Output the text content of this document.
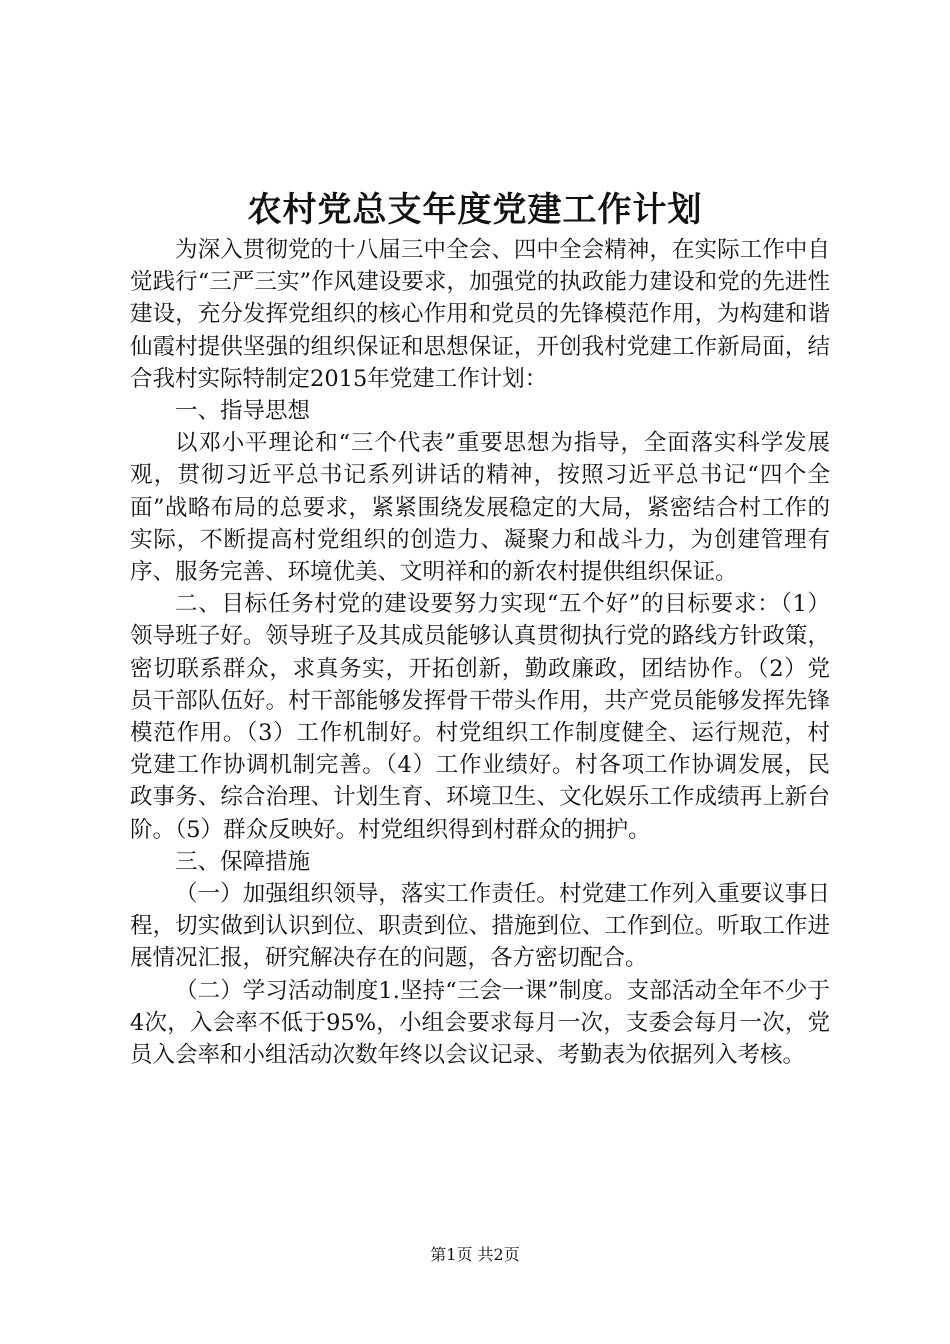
农村党总支年度党建工作计划

为深入贯彻党的十八届三中全会、四中全会精神，在实际工作中自觉践行“三严三实”作风建设要求，加强党的执政能力建设和党的先进性建设，充分发挥党组织的核心作用和党员的先锋模范作用，为构建和谐仙霞村提供坚强的组织保证和思想保证，开创我村党建工作新局面，结合我村实际特制定2015年党建工作计划：

一、指导思想

以邓小平理论和“三个代表”重要思想为指导，全面落实科学发展观，贯彻习近平总书记系列讲话的精神，按照习近平总书记“四个全面”战略布局的总要求，紧紧围绕发展稳定的大局，紧密结合村工作的实际，不断提高村党组织的创造力、凝聚力和战斗力，为创建管理有序、服务完善、环境优美、文明祥和的新农村提供组织保证。

二、目标任务村党的建设要努力实现“五个好”的目标要求：（1）领导班子好。领导班子及其成员能够认真贯彻执行党的路线方针政策，密切联系群众，求真务实，开拓创新，勤政廉政，团结协作。（2）党员干部队伍好。村干部能够发挥骨干带头作用，共产党员能够发挥先锋模范作用。（3）工作机制好。村党组织工作制度健全、运行规范，村党建工作协调机制完善。（4）工作业绩好。村各项工作协调发展，民政事务、综合治理、计划生育、环境卫生、文化娱乐工作成绩再上新台阶。（5）群众反映好。村党组织得到村群众的拥护。

三、保障措施

（一）加强组织领导，落实工作责任。村党建工作列入重要议事日程，切实做到认识到位、职责到位、措施到位、工作到位。听取工作进展情况汇报，研究解决存在的问题，各方密切配合。

（二）学习活动制度1.坚持“三会一课”制度。支部活动全年不少于4次，入会率不低于95%，小组会要求每月一次，支委会每月一次，党员入会率和小组活动次数年终以会议记录、考勤表为依据列入考核。

第1页 共2页
